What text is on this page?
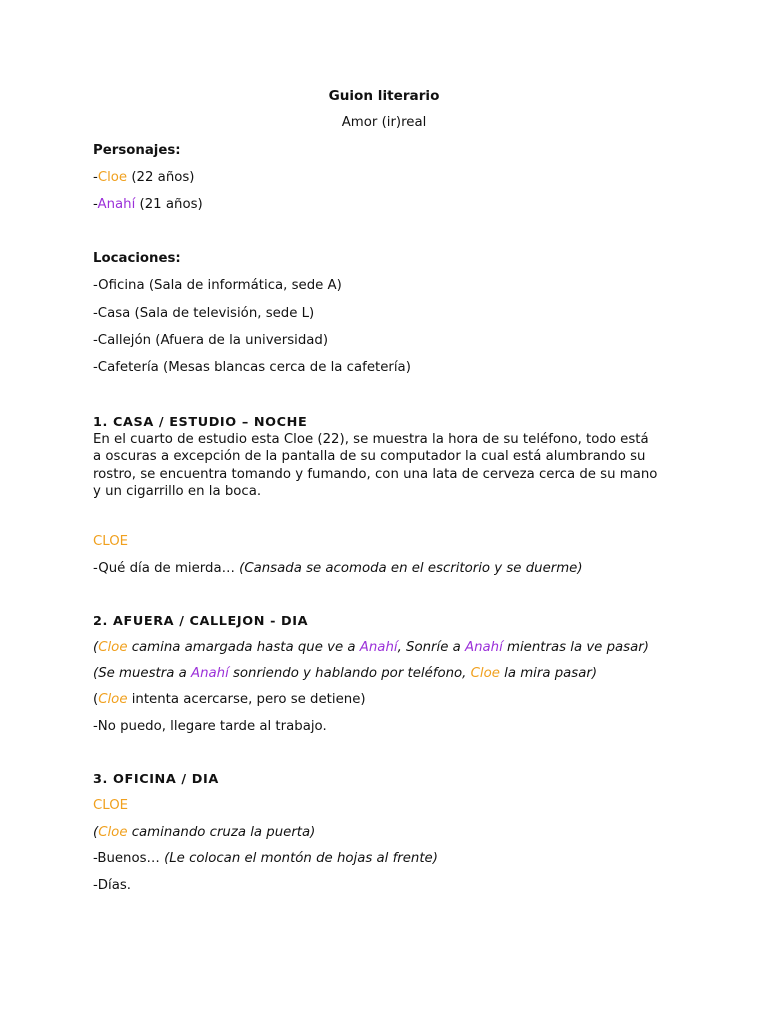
Guion literario
Amor (ir)real
Personajes:
-Cloe (22 años)
-Anahí (21 años)
Locaciones:
-Oficina (Sala de informática, sede A)
-Casa (Sala de televisión, sede L)
-Callejón (Afuera de la universidad)
-Cafetería (Mesas blancas cerca de la cafetería)
1. CASA / ESTUDIO – NOCHE
En el cuarto de estudio esta Cloe (22), se muestra la hora de su teléfono, todo está
a oscuras a excepción de la pantalla de su computador la cual está alumbrando su
rostro, se encuentra tomando y fumando, con una lata de cerveza cerca de su mano
y un cigarrillo en la boca.
CLOE
-Qué día de mierda… (Cansada se acomoda en el escritorio y se duerme)
2. AFUERA / CALLEJON - DIA
(Cloe camina amargada hasta que ve a Anahí, Sonríe a Anahí mientras la ve pasar)
(Se muestra a Anahí sonriendo y hablando por teléfono, Cloe la mira pasar)
(Cloe intenta acercarse, pero se detiene)
-No puedo, llegare tarde al trabajo.
3. OFICINA / DIA
CLOE
(Cloe caminando cruza la puerta)
-Buenos… (Le colocan el montón de hojas al frente)
-Días.
